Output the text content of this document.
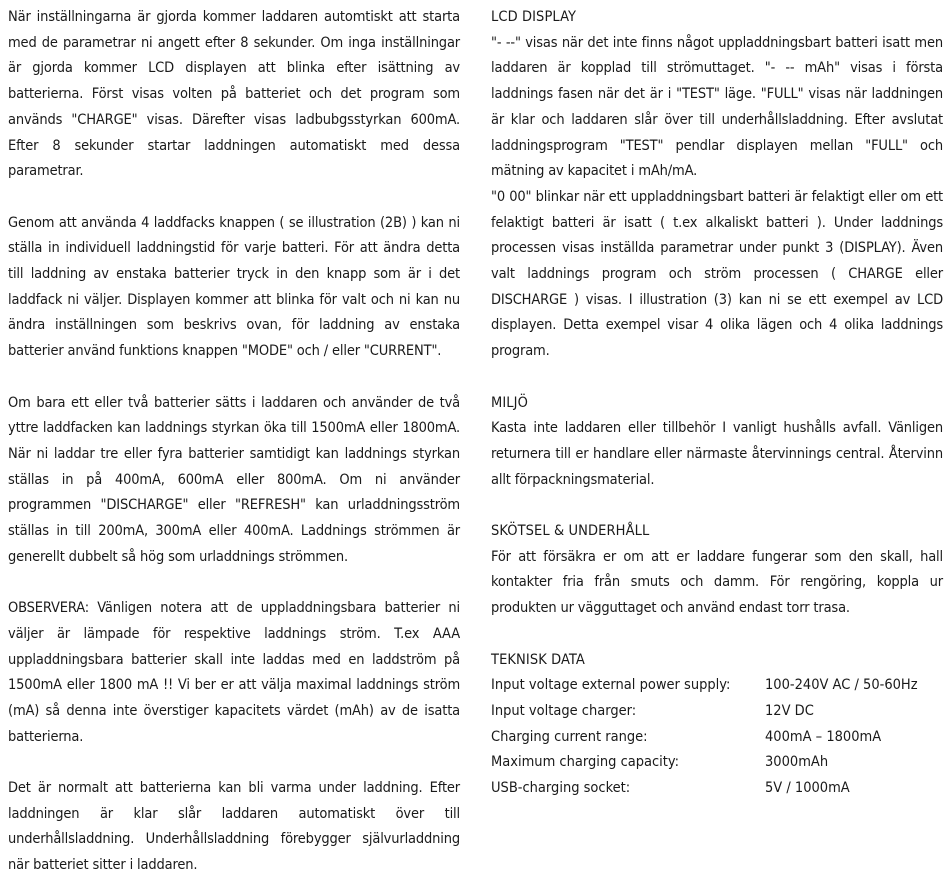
När inställningarna är gjorda kommer laddaren automtiskt att starta med de parametrar ni angett efter 8 sekunder. Om inga inställningar är gjorda kommer LCD displayen att blinka efter isättning av batterierna. Först visas volten på batteriet och det program som används "CHARGE" visas. Därefter visas ladbubgsstyrkan 600mA. Efter 8 sekunder startar laddningen automatiskt med dessa parametrar.

Genom att använda 4 laddfacks knappen ( se illustration (2B) ) kan ni ställa in individuell laddningstid för varje batteri. För att ändra detta till laddning av enstaka batterier tryck in den knapp som är i det laddfack ni väljer. Displayen kommer att blinka för valt och ni kan nu ändra inställningen som beskrivs ovan, för laddning av enstaka batterier använd funktions knappen "MODE" och / eller "CURRENT".

Om bara ett eller två batterier sätts i laddaren och använder de två yttre laddfacken kan laddnings styrkan öka till 1500mA eller 1800mA. När ni laddar tre eller fyra batterier samtidigt kan laddnings styrkan ställas in på 400mA, 600mA eller 800mA. Om ni använder programmen "DISCHARGE" eller "REFRESH" kan urladdningsström ställas in till 200mA, 300mA eller 400mA. Laddnings strömmen är generellt dubbelt så hög som urladdnings strömmen.

OBSERVERA: Vänligen notera att de uppladdningsbara batterier ni väljer är lämpade för respektive laddnings ström. T.ex AAA uppladdningsbara batterier skall inte laddas med en laddström på 1500mA eller 1800 mA !! Vi ber er att välja maximal laddnings ström (mA) så denna inte överstiger kapacitets värdet (mAh) av de isatta batterierna.

Det är normalt att batterierna kan bli varma under laddning. Efter laddningen är klar slår laddaren automatiskt över till underhållsladdning. Underhållsladdning förebygger självurladdning när batteriet sitter i laddaren.

LCD DISPLAY

"- --" visas när det inte finns något uppladdningsbart batteri isatt men laddaren är kopplad till strömuttaget. "- -- mAh" visas i första laddnings fasen när det är i "TEST" läge. "FULL" visas när laddningen är klar och laddaren slår över till underhållsladdning. Efter avslutat laddningsprogram "TEST" pendlar displayen mellan "FULL" och mätning av kapacitet i mAh/mA.

"0 00" blinkar när ett uppladdningsbart batteri är felaktigt eller om ett felaktigt batteri är isatt ( t.ex alkaliskt batteri ). Under laddnings processen visas inställda parametrar under punkt 3 (DISPLAY). Även valt laddnings program och ström processen ( CHARGE eller DISCHARGE ) visas. I illustration (3) kan ni se ett exempel av LCD displayen. Detta exempel visar 4 olika lägen och 4 olika laddnings program.

MILJÖ

Kasta inte laddaren eller tillbehör I vanligt hushålls avfall. Vänligen returnera till er handlare eller närmaste återvinnings central. Återvinn allt förpackningsmaterial.

SKÖTSEL & UNDERHÅLL

För att försäkra er om att er laddare fungerar som den skall, hall kontakter fria från smuts och damm. För rengöring, koppla ur produkten ur vägguttaget och använd endast torr trasa.

TEKNISK DATA
Input voltage external power supply:	100-240V AC / 50-60Hz
Input voltage charger:	12V DC
Charging current range:	400mA – 1800mA
Maximum charging capacity:	3000mAh
USB-charging socket:	5V / 1000mA
